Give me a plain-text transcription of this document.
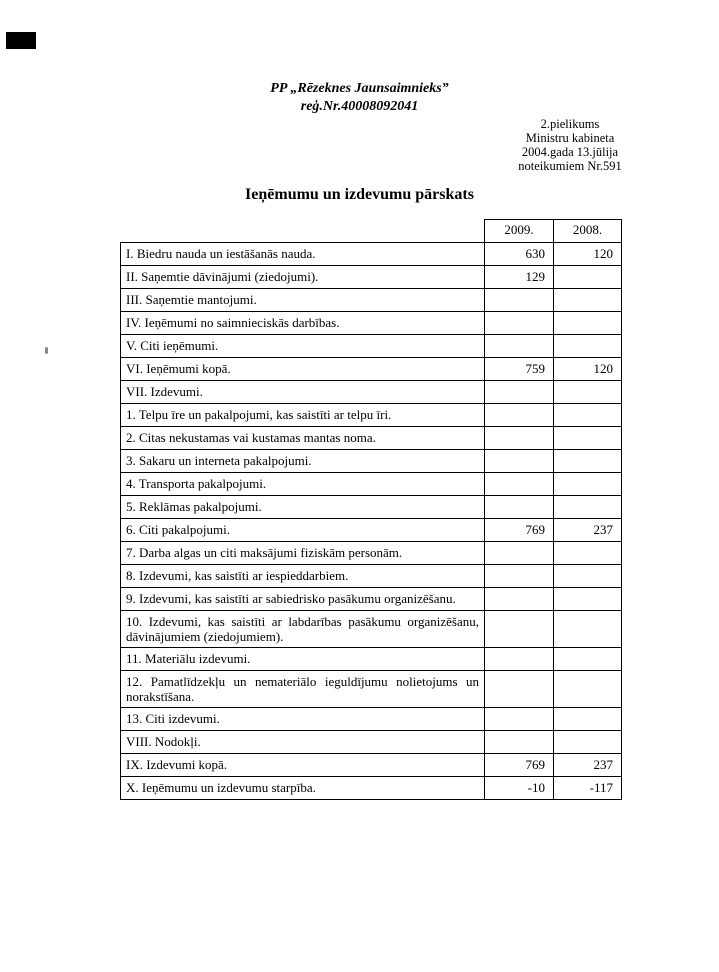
PP „Rēzeknes Jaunsaimnieks”
reģ.Nr.40008092041
2.pielikums
Ministru kabineta
2004.gada 13.jūlija
noteikumiem Nr.591
Ieņēmumu un izdevumu pārskats
	2009.	2008.
I. Biedru nauda un iestāšanās nauda.	630	120
II. Saņemtie dāvinājumi (ziedojumi).	129	
III. Saņemtie mantojumi.		
IV. Ieņēmumi no saimnieciskās darbības.		
V. Citi ieņēmumi.		
VI. Ieņēmumi kopā.	759	120
VII. Izdevumi.		
1. Telpu īre un pakalpojumi, kas saistīti ar telpu īri.		
2. Citas nekustamas vai kustamas mantas noma.		
3. Sakaru un interneta pakalpojumi.		
4. Transporta pakalpojumi.		
5. Reklāmas pakalpojumi.		
6. Citi pakalpojumi.	769	237
7. Darba algas un citi maksājumi fiziskām personām.		
8. Izdevumi, kas saistīti ar iespieddarbiem.		
9. Izdevumi, kas saistīti ar sabiedrisko pasākumu organizēšanu.		
10. Izdevumi, kas saistīti ar labdarības pasākumu organizēšanu, dāvinājumiem (ziedojumiem).		
11. Materiālu izdevumi.		
12. Pamatlīdzekļu un nemateriālo ieguldījumu nolietojums un norakstīšana.		
13. Citi izdevumi.		
VIII. Nodokļi.		
IX. Izdevumi kopā.	769	237
X. Ieņēmumu un izdevumu starpība.	-10	-117
